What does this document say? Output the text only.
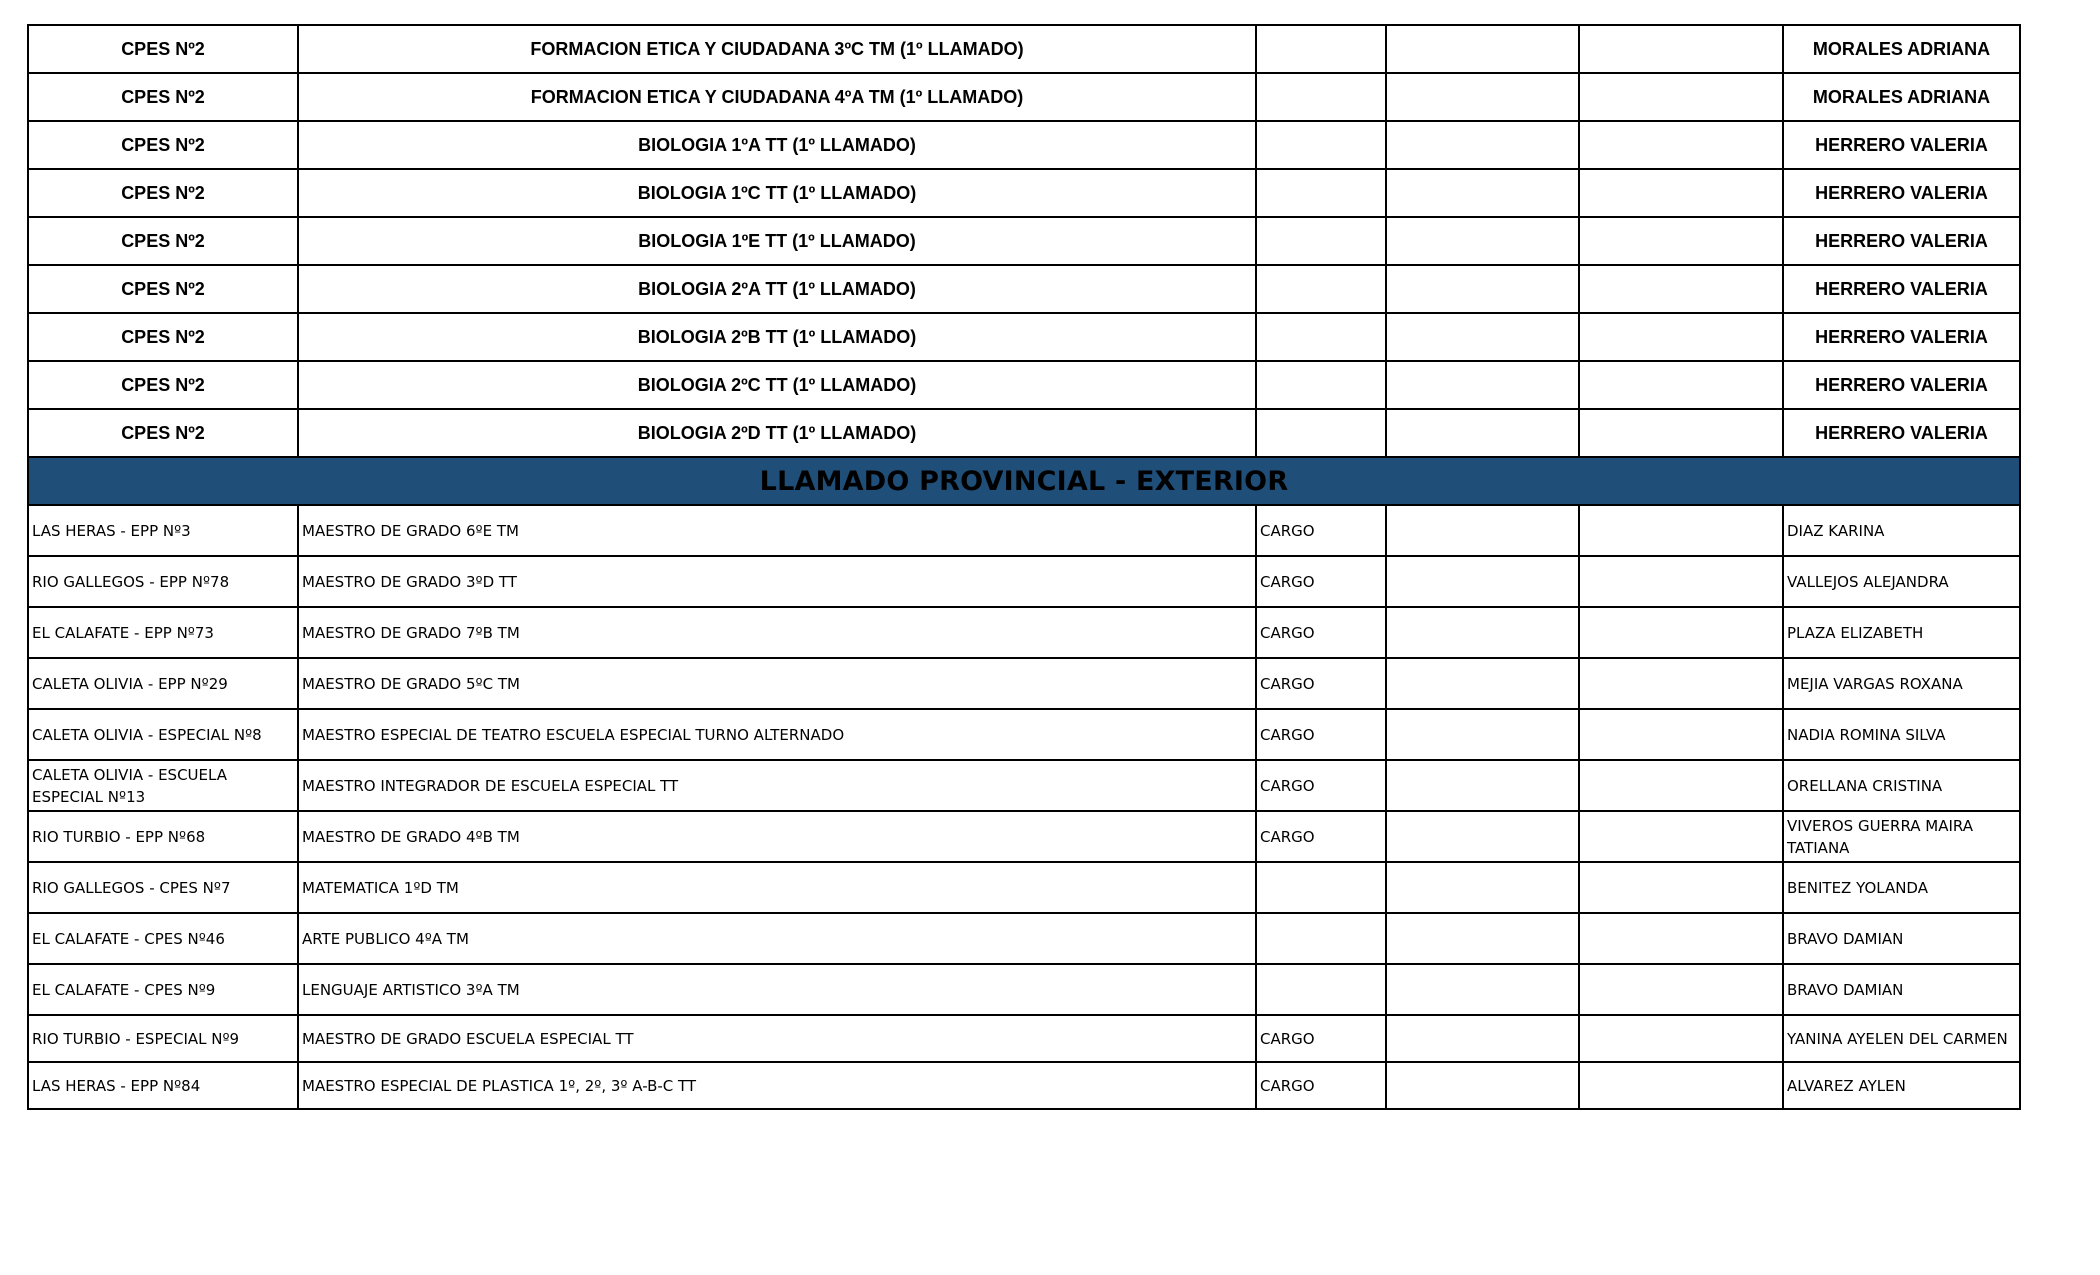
CPES Nº2	FORMACION ETICA Y CIUDADANA 3ºC TM (1º LLAMADO)				MORALES ADRIANA
CPES Nº2	FORMACION ETICA Y CIUDADANA 4ºA TM (1º LLAMADO)				MORALES ADRIANA
CPES Nº2	BIOLOGIA 1ºA TT (1º LLAMADO)				HERRERO VALERIA
CPES Nº2	BIOLOGIA 1ºC TT (1º LLAMADO)				HERRERO VALERIA
CPES Nº2	BIOLOGIA 1ºE TT (1º LLAMADO)				HERRERO VALERIA
CPES Nº2	BIOLOGIA 2ºA TT (1º LLAMADO)				HERRERO VALERIA
CPES Nº2	BIOLOGIA 2ºB TT (1º LLAMADO)				HERRERO VALERIA
CPES Nº2	BIOLOGIA 2ºC TT (1º LLAMADO)				HERRERO VALERIA
CPES Nº2	BIOLOGIA 2ºD TT (1º LLAMADO)				HERRERO VALERIA
LLAMADO PROVINCIAL - EXTERIOR					
LAS HERAS - EPP Nº3	MAESTRO DE GRADO 6ºE TM	CARGO			DIAZ KARINA
RIO GALLEGOS - EPP Nº78	MAESTRO DE GRADO 3ºD TT	CARGO			VALLEJOS ALEJANDRA
EL CALAFATE - EPP Nº73	MAESTRO DE GRADO 7ºB TM	CARGO			PLAZA ELIZABETH
CALETA OLIVIA - EPP Nº29	MAESTRO DE GRADO 5ºC TM	CARGO			MEJIA VARGAS ROXANA
CALETA OLIVIA - ESPECIAL Nº8	MAESTRO ESPECIAL DE TEATRO ESCUELA ESPECIAL TURNO ALTERNADO	CARGO			NADIA ROMINA SILVA
CALETA OLIVIA - ESCUELA ESPECIAL Nº13	MAESTRO INTEGRADOR DE ESCUELA ESPECIAL TT	CARGO			ORELLANA CRISTINA
RIO TURBIO - EPP Nº68	MAESTRO DE GRADO 4ºB TM	CARGO			VIVEROS GUERRA MAIRA TATIANA
RIO GALLEGOS - CPES Nº7	MATEMATICA 1ºD TM				BENITEZ YOLANDA
EL CALAFATE - CPES Nº46	ARTE PUBLICO 4ºA TM				BRAVO DAMIAN
EL CALAFATE - CPES Nº9	LENGUAJE ARTISTICO 3ºA TM				BRAVO DAMIAN
RIO TURBIO - ESPECIAL Nº9	MAESTRO DE GRADO ESCUELA ESPECIAL TT	CARGO			YANINA AYELEN DEL CARMEN
LAS HERAS - EPP Nº84	MAESTRO ESPECIAL DE PLASTICA 1º, 2º, 3º A-B-C TT	CARGO			ALVAREZ AYLEN
